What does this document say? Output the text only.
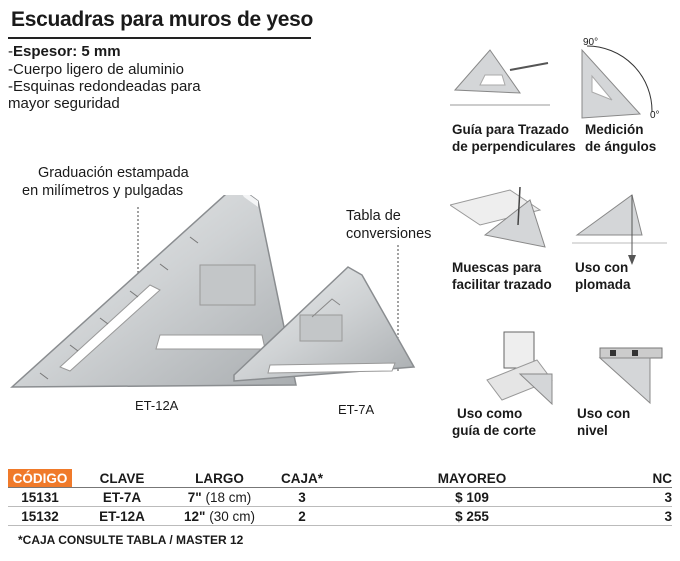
Escuadras para muros de yeso
-Espesor: 5 mm
-Cuerpo ligero de aluminio
-Esquinas redondeadas para
mayor seguridad
Graduación estampada
en milímetros y pulgadas
Tabla de
conversiones
ET-12A	ET-7A
Guía para Trazado
de perpendiculares
90°
0°
Medición
de ángulos
Muescas para
facilitar trazado
Uso con
plomada
Uso como
guía de corte
Uso con
nivel
CÓDIGO	CLAVE	LARGO	CAJA*	MAYOREO	NC
15131	ET-7A	7" (18 cm)	3	$ 109	3
15132	ET-12A	12" (30 cm)	2	$ 255	3
*CAJA CONSULTE TABLA / MASTER 12
